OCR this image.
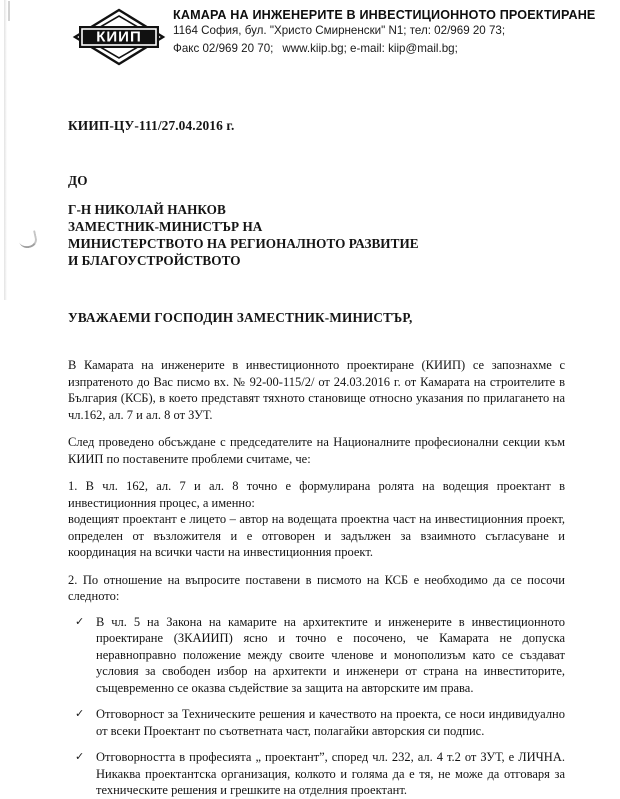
КИИП
КАМАРА НА ИНЖЕНЕРИТЕ В ИНВЕСТИЦИОННОТО ПРОЕКТИРАНЕ
1164 София, бул. "Христо Смирненски" N1; тел: 02/969 20 73;
Факс 02/969 20 70; www.kiip.bg; e-mail: kiip@mail.bg;
КИИП-ЦУ-111/27.04.2016 г.
ДО
Г-Н НИКОЛАЙ НАНКОВ
ЗАМЕСТНИК-МИНИСТЪР НА
МИНИСТЕРСТВОТО НА РЕГИОНАЛНОТО РАЗВИТИЕ
И БЛАГОУСТРОЙСТВОТО
УВАЖАЕМИ ГОСПОДИН ЗАМЕСТНИК-МИНИСТЪР,

В Камарата на инженерите в инвестиционното проектиране (КИИП) се запознахме с изпратеното до Вас писмо вх. № 92-00-115/2/ от 24.03.2016 г. от Камарата на строителите в България (КСБ), в което представят тяхното становище относно указания по прилагането на чл.162, ал. 7 и ал. 8 от ЗУТ.

След проведено обсъждане с председателите на Националните професионални секции към КИИП по поставените проблеми считаме, че:

1. В чл. 162, ал. 7 и ал. 8 точно е формулирана ролята на водещия проектант в инвестиционния процес, а именно:

водещият проектант е лицето – автор на водещата проектна част на инвестиционния проект, определен от възложителя и е отговорен и задължен за взаимното съгласуване и координация на всички части на инвестиционния проект.

2. По отношение на въпросите поставени в писмото на КСБ е необходимо да се посочи следното:

✓ В чл. 5 на Закона на камарите на архитектите и инженерите в инвестиционното проектиране (ЗКАИИП) ясно и точно е посочено, че Камарата не допуска неравноправно положение между своите членове и монополизъм като се създават условия за свободен избор на архитекти и инженери от страна на инвеститорите, същевременно се оказва съдействие за защита на авторските им права.
✓ Отговорност за Техническите решения и качеството на проекта, се носи индивидуално от всеки Проектант по съответната част, полагайки авторския си подпис.
✓ Отговорността в професията „ проектант”, според чл. 232, ал. 4 т.2 от ЗУТ, е ЛИЧНА. Никаква проектантска организация, колкото и голяма да е тя, не може да отговаря за техническите решения и грешките на отделния проектант.
